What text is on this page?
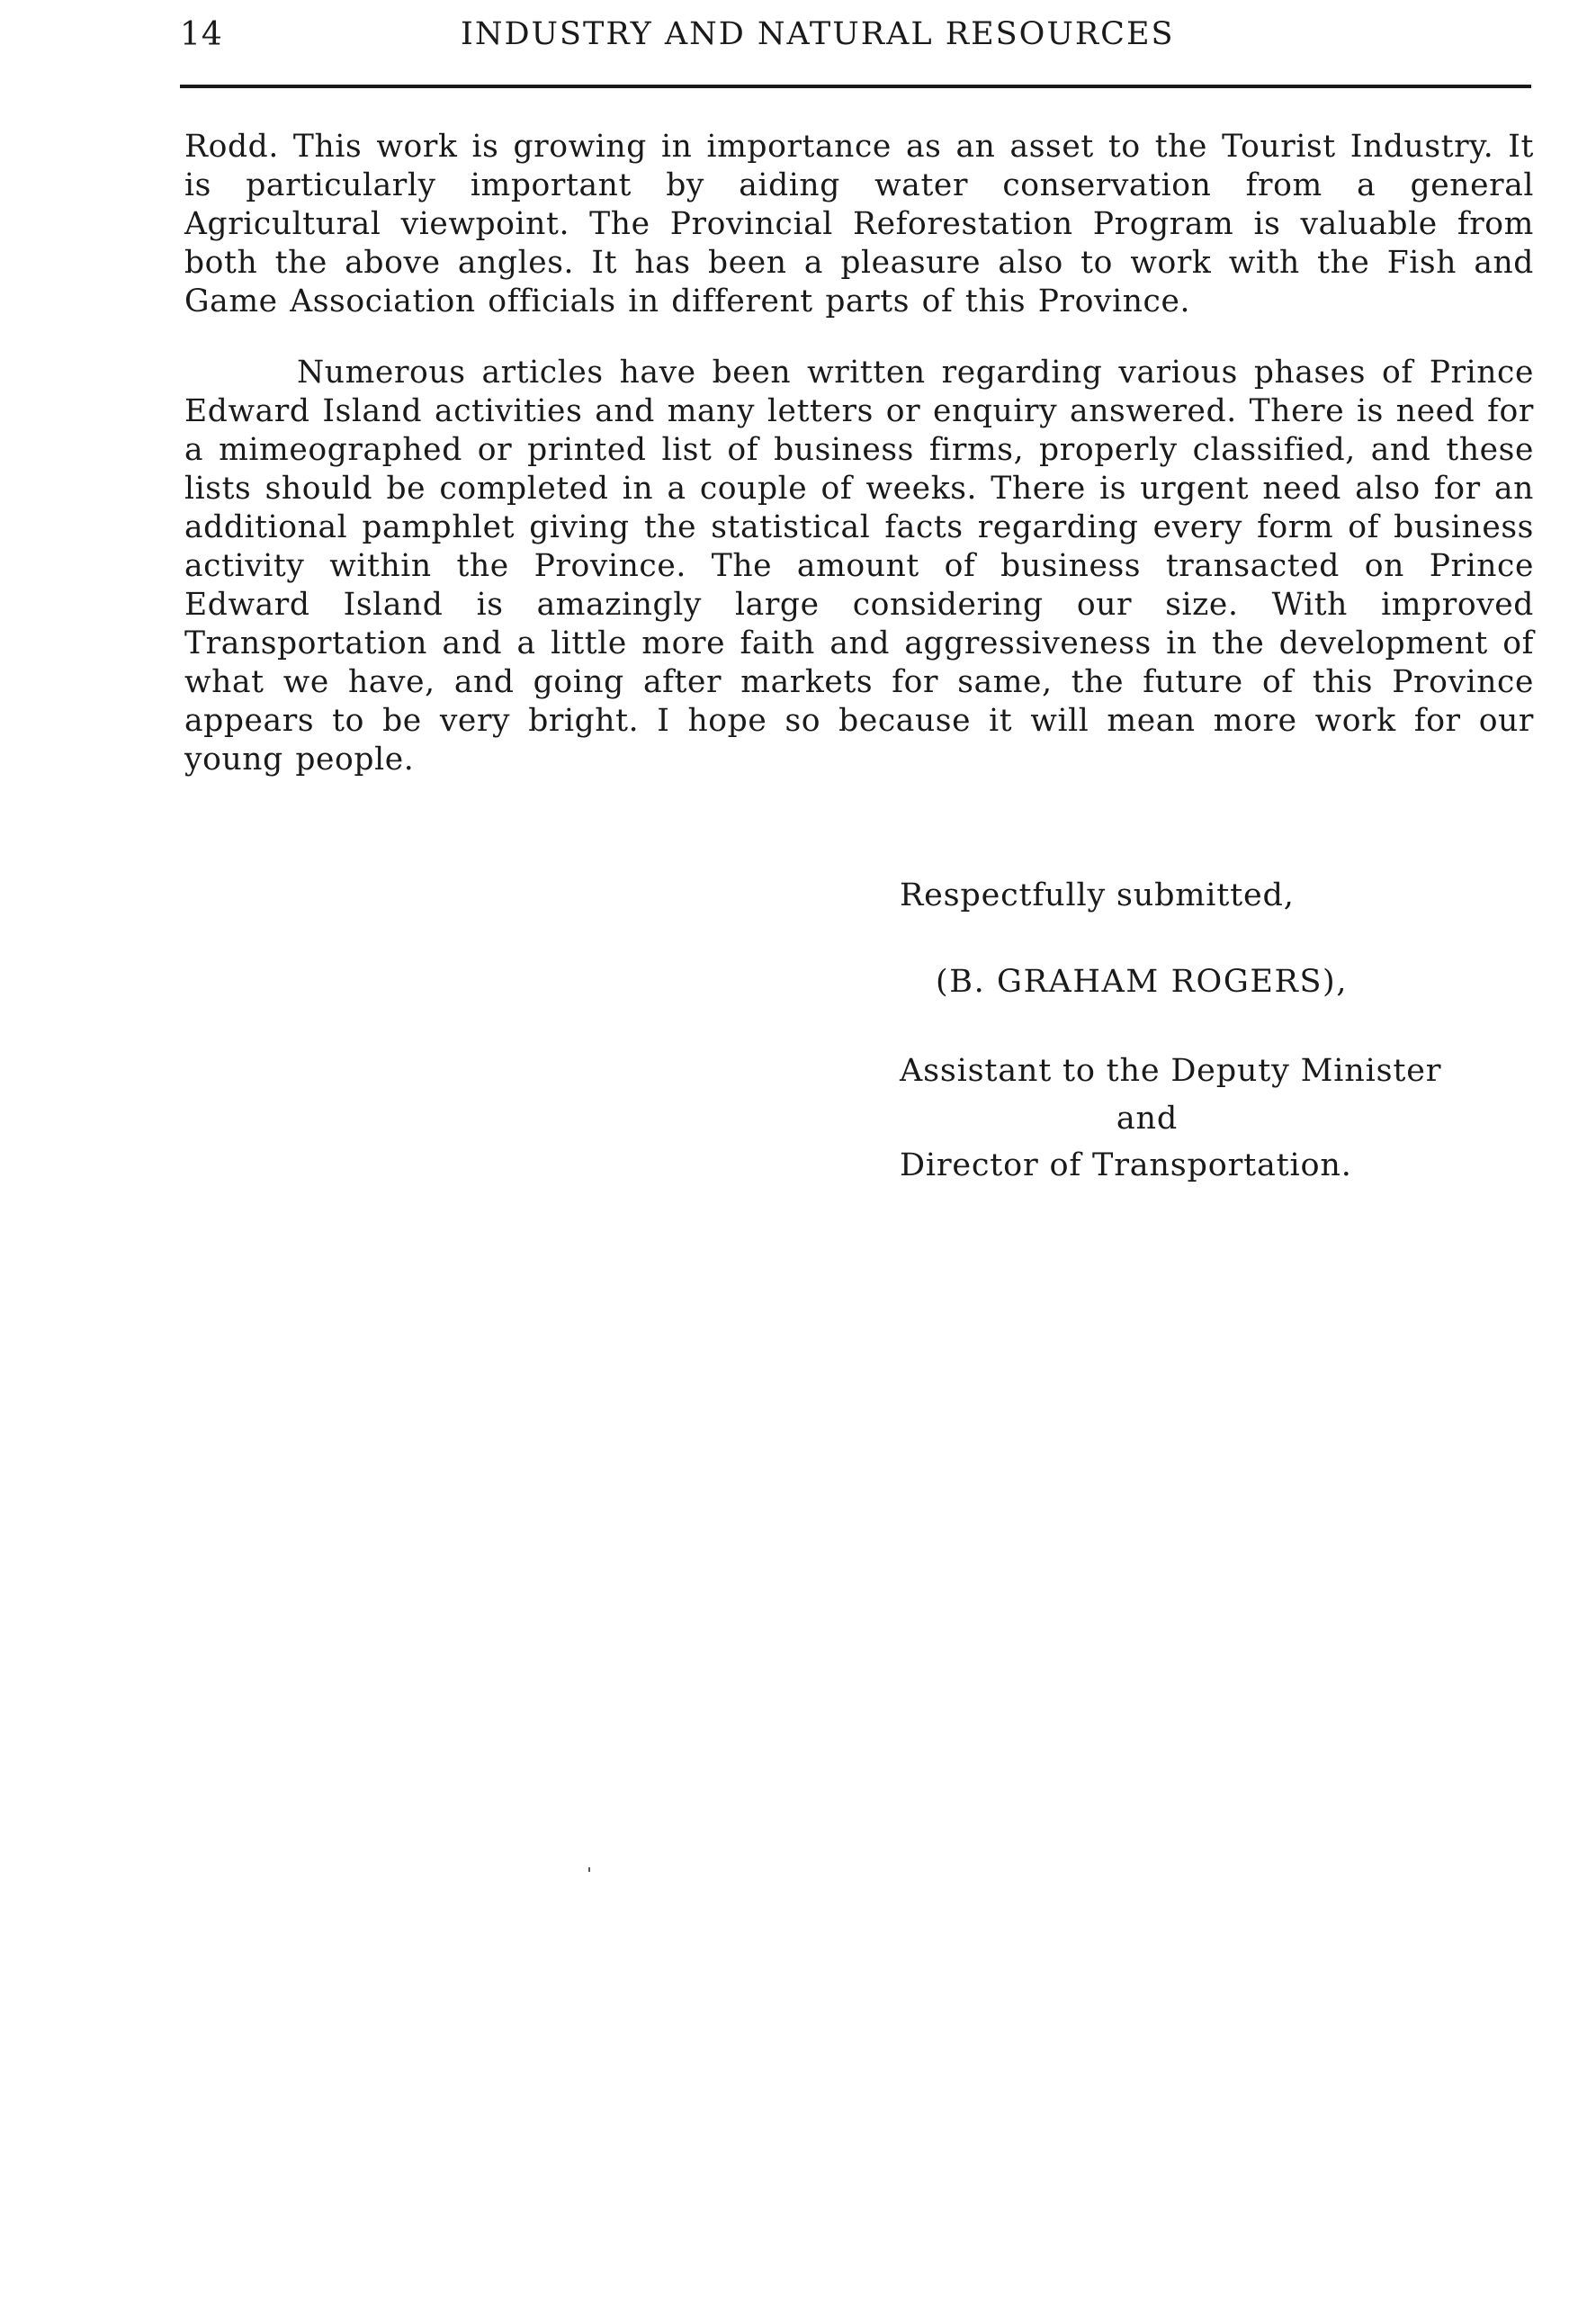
14	INDUSTRY AND NATURAL RESOURCES

Rodd. This work is growing in importance as an asset to the Tourist Industry. It is particularly important by aiding water conservation from a general Agricultural viewpoint. The Provincial Reforestation Program is valuable from both the above angles. It has been a pleasure also to work with the Fish and Game Association officials in different parts of this Province.

Numerous articles have been written regarding various phases of Prince Edward Island activities and many letters or enquiry answered. There is need for a mimeographed or printed list of business firms, properly classified, and these lists should be completed in a couple of weeks. There is urgent need also for an additional pamphlet giving the statistical facts regarding every form of business activity within the Province. The amount of business transacted on Prince Edward Island is amazingly large considering our size. With improved Transportation and a little more faith and aggressiveness in the development of what we have, and going after markets for same, the future of this Province appears to be very bright. I hope so because it will mean more work for our young people.

Respectfully submitted,
(B. GRAHAM ROGERS),
Assistant to the Deputy Minister
and
Director of Transportation.
